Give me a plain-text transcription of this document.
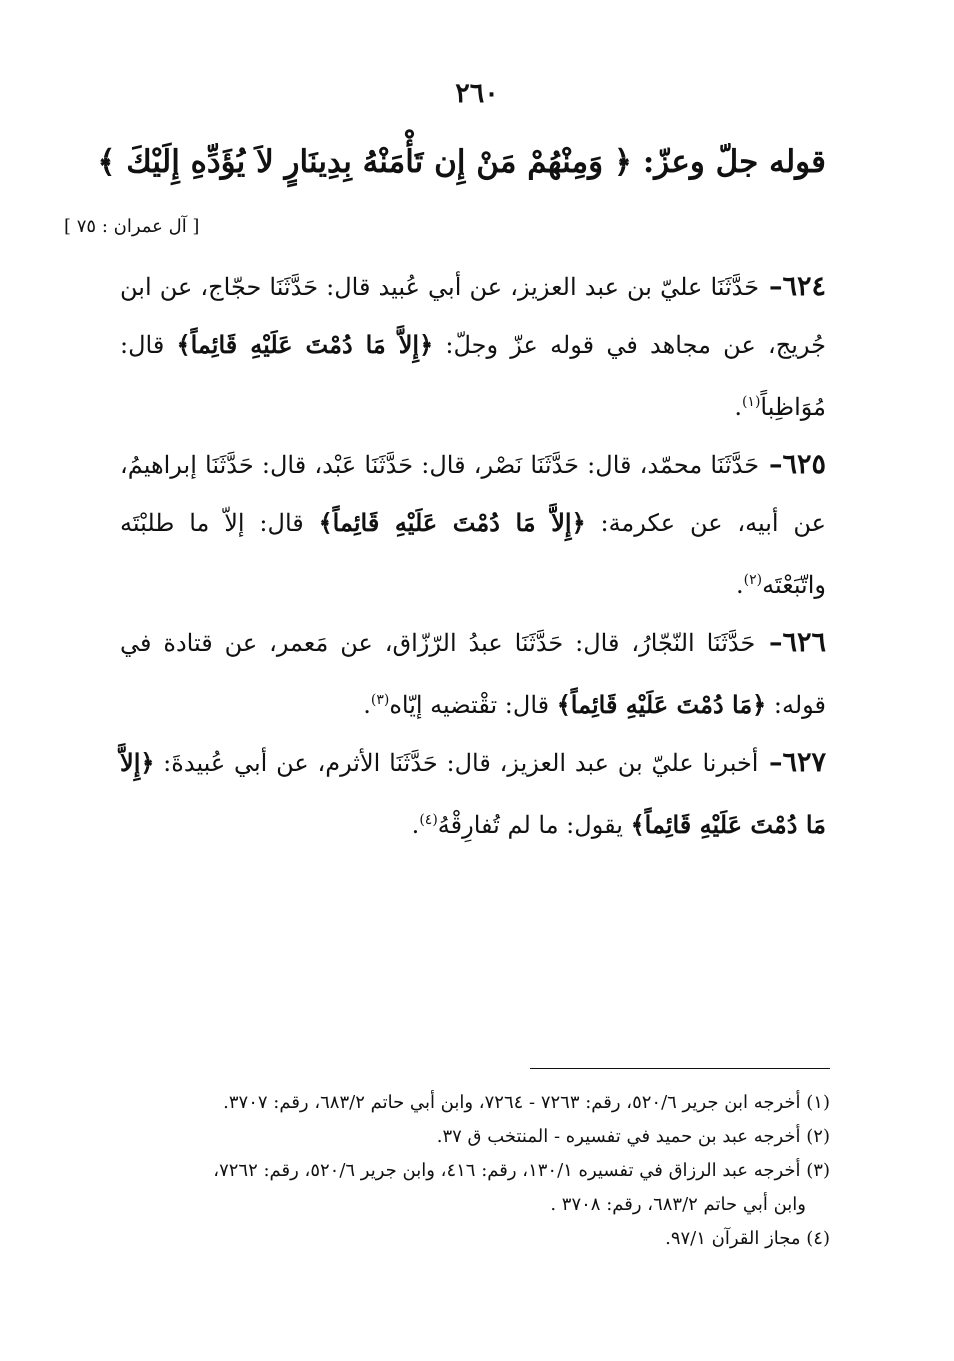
٢٦٠
قوله جلّ وعزّ: ﴿ وَمِنْهُمْ مَنْ إِن تَأْمَنْهُ بِدِينَارٍ لاَ يُؤَدِّهِ إِلَيْكَ ﴾
[ آل عمران : ٧٥ ]

٦٢٤– حَدَّثَنَا عليّ بن عبد العزيز، عن أبي عُبيد قال: حَدَّثَنَا حجّاج، عن ابن جُريج، عن مجاهد في قوله عزّ وجلّ: ﴿إِلاَّ مَا دُمْتَ عَلَيْهِ قَائِماً﴾ قال: مُوَاظِباً$^{(١)}$.

٦٢٥– حَدَّثَنَا محمّد، قال: حَدَّثَنَا نَصْر، قال: حَدَّثَنَا عَبْد، قال: حَدَّثَنَا إبراهيمُ، عن أبيه، عن عكرمة: ﴿إِلاَّ مَا دُمْتَ عَلَيْهِ قَائِماً﴾ قال: إلاّ ما طلبْتَه واتّبَعْتَه$^{(٢)}$.

٦٢٦– حَدَّثَنَا النّجّارُ، قال: حَدَّثَنَا عبدُ الرّزّاق، عن مَعمر، عن قتادة في قوله: ﴿مَا دُمْتَ عَلَيْهِ قَائِماً﴾ قال: تقْتضيه إيّاه$^{(٣)}$.

٦٢٧– أخبرنا عليّ بن عبد العزيز، قال: حَدَّثَنَا الأثرم، عن أبي عُبيدةَ: ﴿إِلاَّ مَا دُمْتَ عَلَيْهِ قَائِماً﴾ يقول: ما لم تُفارِقْهُ$^{(٤)}$.

(١) أخرجه ابن جرير ٥٢٠/٦، رقم: ٧٢٦٣ - ٧٢٦٤، وابن أبي حاتم ٦٨٣/٢، رقم: ٣٧٠٧.

(٢) أخرجه عبد بن حميد في تفسيره - المنتخب ق ٣٧.

(٣) أخرجه عبد الرزاق في تفسيره ١٣٠/١، رقم: ٤١٦، وابن جرير ٥٢٠/٦، رقم: ٧٢٦٢،

وابن أبي حاتم ٦٨٣/٢، رقم: ٣٧٠٨ .

(٤) مجاز القرآن ٩٧/١.
